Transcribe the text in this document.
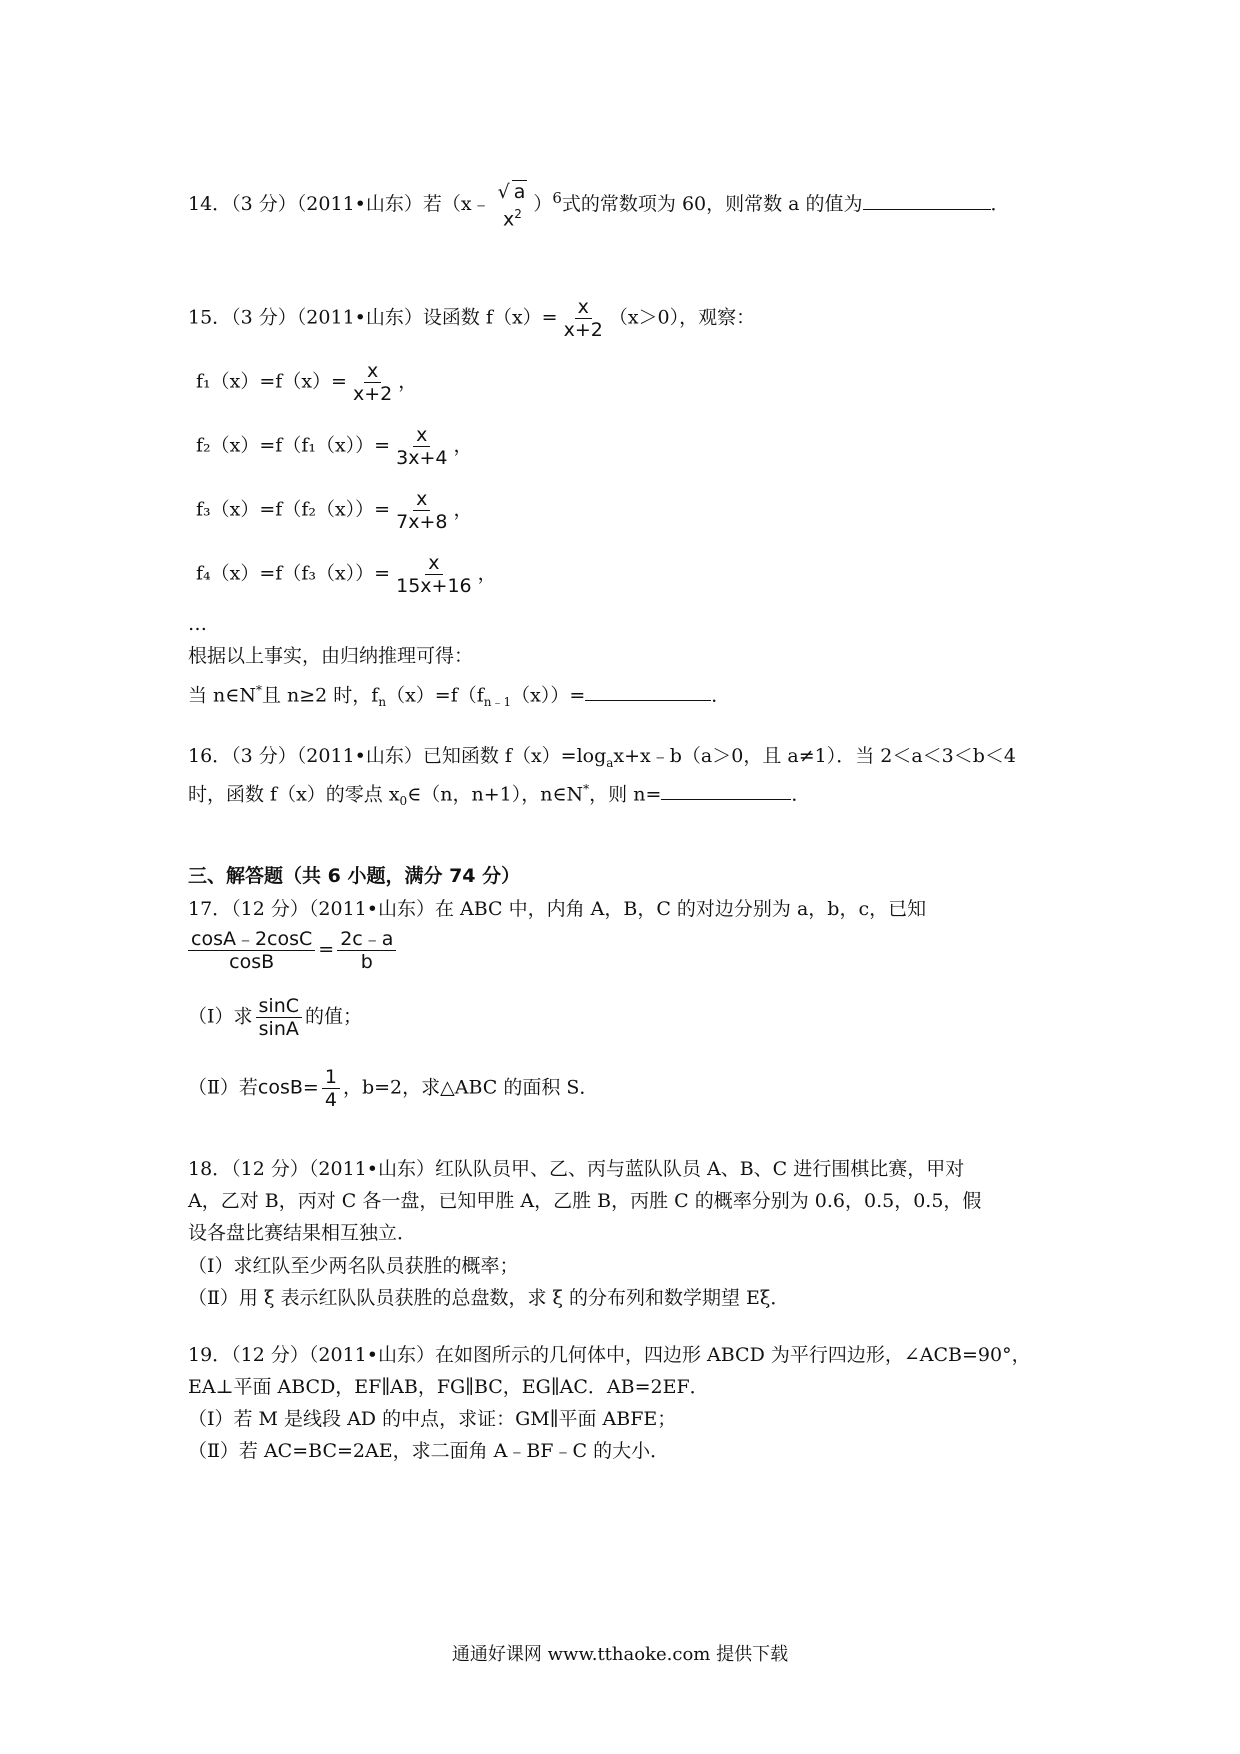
14．（3 分）（2011•山东）若（x﹣
√ a
$x^2$ ）$^6$式的常数项为 60，则常数 a 的值为	．
15．（3 分）（2011•山东）设函数 $f(x)= \frac{x}{x+2} (x>0)$，观察：
$f_1(x)=f(x)= \frac{x}{x+2}$ ，
$f_2(x)=f(f_1(x))= \frac{x}{3x+4}$ ，
$f_3(x)=f(f_2(x))= \frac{x}{7x+8}$ ，
$f_4(x)=f(f_3(x))= \frac{x}{15x+16}$ ，
…
根据以上事实，由归纳推理可得：
当 n∈N*且 n≥2 时，$f_n(x)=f(f_{n﹣1}(x))=$	．
16．（3 分）（2011•山东）已知函数 $f(x)=\log_ax+x﹣b(a>0$，且 a≠1）．当 2＜a＜3＜b＜4
时，函数 f（x）的零点 $x_0\in(n$，n+1），n∈N*，则 n=	．
三、解答题（共 6 小题，满分 74 分）
17．（12 分）（2011•山东）在 ABC 中，内角 A，B，C 的对边分别为 a，b，c，已知
$\frac{\cos A﹣2\cos C}{\cos B} = \frac{2c﹣a}{b}$
（Ⅰ）求 $\frac{\sin C}{\sin A}$ 的值；
（Ⅱ）若$\cos B= \frac{1}{4}$ ，b=2，求△ABC 的面积 S．
18．（12 分）（2011•山东）红队队员甲、乙、丙与蓝队队员 A、B、C 进行围棋比赛，甲对
A，乙对 B，丙对 C 各一盘，已知甲胜 A，乙胜 B，丙胜 C 的概率分别为 0.6，0.5，0.5，假
设各盘比赛结果相互独立．
（Ⅰ）求红队至少两名队员获胜的概率；
（Ⅱ）用 ξ 表示红队队员获胜的总盘数，求 ξ 的分布列和数学期望 Eξ．
19．（12 分）（2011•山东）在如图所示的几何体中，四边形 ABCD 为平行四边形，∠ACB=90°，
EA⊥平面 ABCD，EF∥AB，FG∥BC，EG∥AC．AB=2EF．
（Ⅰ）若 M 是线段 AD 的中点，求证：GM∥平面 ABFE；
（Ⅱ）若 AC=BC=2AE，求二面角 A﹣BF﹣C 的大小．
通通好课网 www.tthaoke.com 提供下载
